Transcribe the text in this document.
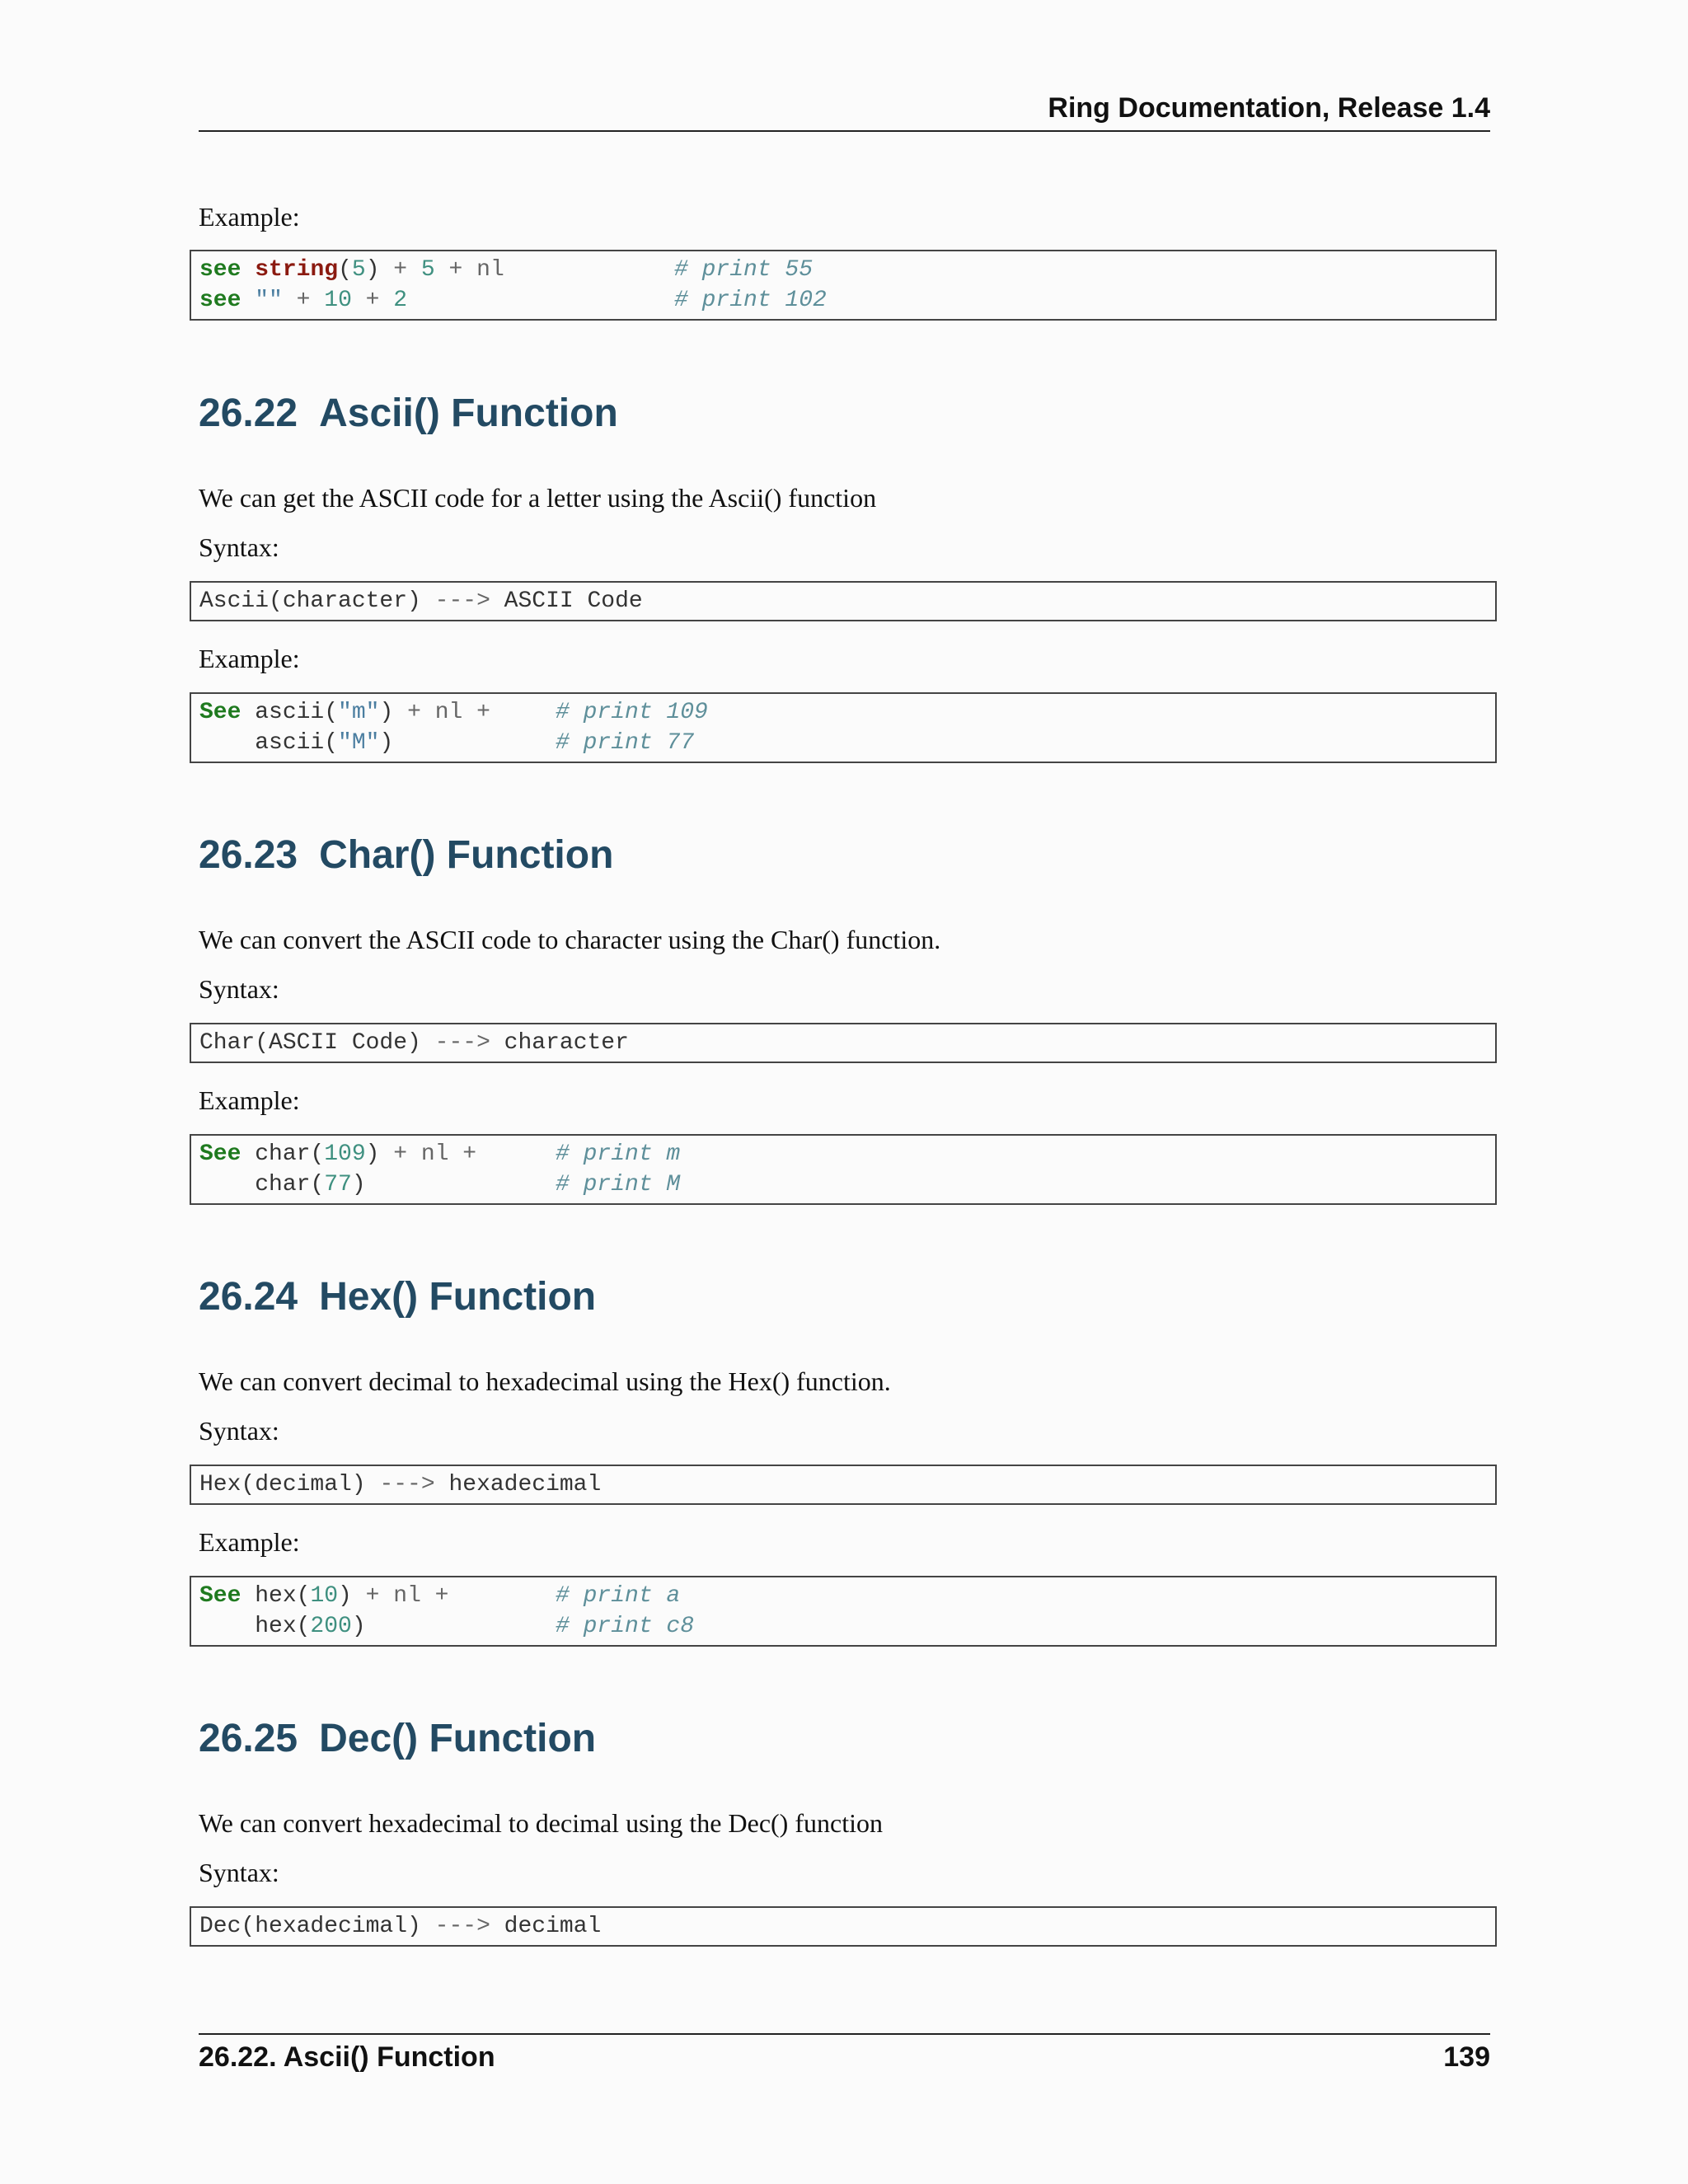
Ring Documentation, Release 1.4
Example:
see string(5) + 5 + nl	# print 55
see "" + 10 + 2	# print 102
26.22 Ascii() Function
We can get the ASCII code for a letter using the Ascii() function
Syntax:
Ascii(character) ---> ASCII Code
Example:
See ascii("m") + nl +	# print 109
ascii("M")	# print 77
26.23 Char() Function
We can convert the ASCII code to character using the Char() function.
Syntax:
Char(ASCII Code) ---> character
Example:
See char(109) + nl +	# print m
char(77)	# print M
26.24 Hex() Function
We can convert decimal to hexadecimal using the Hex() function.
Syntax:
Hex(decimal) ---> hexadecimal
Example:
See hex(10) + nl +	# print a
hex(200)	# print c8
26.25 Dec() Function
We can convert hexadecimal to decimal using the Dec() function
Syntax:
Dec(hexadecimal) ---> decimal
26.22. Ascii() Function	139
